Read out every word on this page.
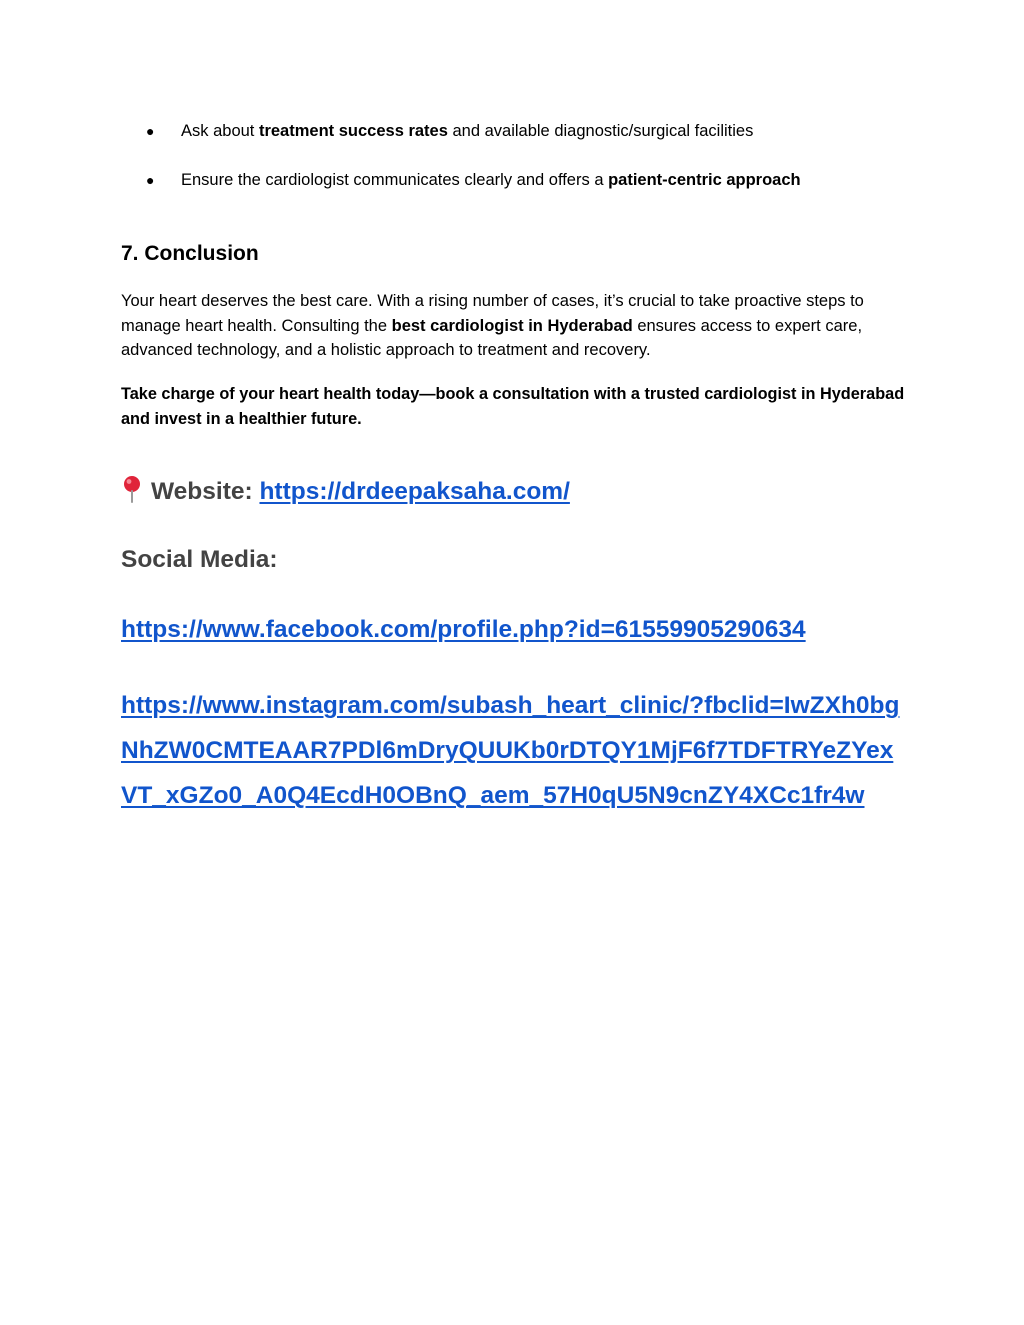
● Ask about treatment success rates and available diagnostic/surgical facilities
● Ensure the cardiologist communicates clearly and offers a patient-centric approach
7. Conclusion

Your heart deserves the best care. With a rising number of cases, it’s crucial to take proactive steps to manage heart health. Consulting the best cardiologist in Hyderabad ensures access to expert care, advanced technology, and a holistic approach to treatment and recovery.

Take charge of your heart health today—book a consultation with a trusted cardiologist in Hyderabad and invest in a healthier future.

Website: https://drdeepaksaha.com/

Social Media:

https://www.facebook.com/profile.php?id=61559905290634

https://www.instagram.com/subash_heart_clinic/?fbclid=IwZXh0bgNhZW0CMTEAAR7PDl6mDryQUUKb0rDTQY1MjF6f7TDFTRYeZYexVT_xGZo0_A0Q4EcdH0OBnQ_aem_57H0qU5N9cnZY4XCc1fr4w
